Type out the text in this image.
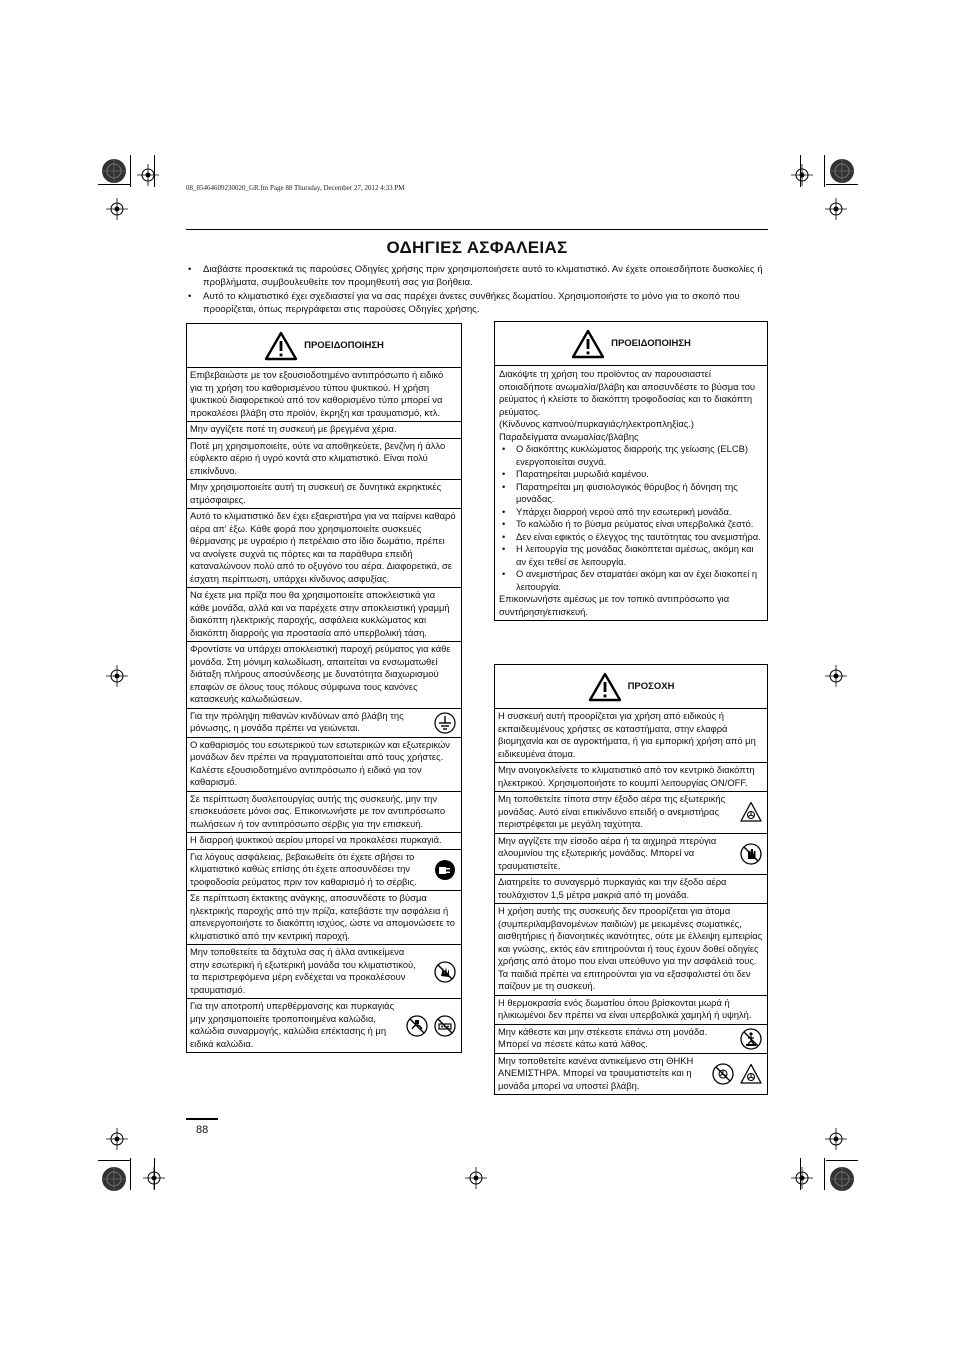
08_85464609230020_GR.fm Page 88 Thursday, December 27, 2012 4:33 PM
ΟΔΗΓΙΕΣ ΑΣΦΑΛΕΙΑΣ
• Διαβάστε προσεκτικά τις παρούσες Οδηγίες χρήσης πριν χρησιμοποιήσετε αυτό το κλιματιστικό. Αν έχετε οποιεσδήποτε δυσκολίες ή προβλήματα, συμβουλευθείτε τον προμηθευτή σας για βοήθεια.
• Αυτό το κλιματιστικό έχει σχεδιαστεί για να σας παρέχει άνετες συνθήκες δωματίου. Χρησιμοποιήστε το μόνο για το σκοπό που προορίζεται, όπως περιγράφεται στις παρούσες Οδηγίες χρήσης.
ΠΡΟΕΙΔΟΠΟΙΗΣΗ
Επιβεβαιώστε με τον εξουσιοδοτημένο αντιπρόσωπο ή ειδικό για τη χρήση του καθορισμένου τύπου ψυκτικού. Η χρήση ψυκτικού διαφορετικού από τον καθορισμένο τύπο μπορεί να προκαλέσει βλάβη στο προϊόν, έκρηξη και τραυματισμό, κτλ.
Μην αγγίζετε ποτέ τη συσκευή με βρεγμένα χέρια.
Ποτέ μη χρησιμοποιείτε, ούτε να αποθηκεύετε, βενζίνη ή άλλο εύφλεκτο αέριο ή υγρό κοντά στο κλιματιστικό. Είναι πολύ επικίνδυνο.
Μην χρησιμοποιείτε αυτή τη συσκευή σε δυνητικά εκρηκτικές ατμόσφαιρες.
Αυτό το κλιματιστικό δεν έχει εξαεριστήρα για να παίρνει καθαρό αέρα απ' έξω. Κάθε φορά που χρησιμοποιείτε συσκευές θέρμανσης με υγραέριο ή πετρέλαιο στο ίδιο δωμάτιο, πρέπει να ανοίγετε συχνά τις πόρτες και τα παράθυρα επειδή καταναλώνουν πολύ από το οξυγόνο του αέρα. Διαφορετικά, σε έσχατη περίπτωση, υπάρχει κίνδυνος ασφυξίας.
Να έχετε μια πρίζα που θα χρησιμοποιείτε αποκλειστικά για κάθε μονάδα, αλλά και να παρέχετε στην αποκλειστική γραμμή διακόπτη ηλεκτρικής παροχής, ασφάλεια κυκλώματος και διακόπτη διαρροής για προστασία από υπερβολική τάση.
Φροντίστε να υπάρχει αποκλειστική παροχή ρεύματος για κάθε μονάδα. Στη μόνιμη καλωδίωση, απαιτείται να ενσωματωθεί διάταξη πλήρους αποσύνδεσης με δυνατότητα διαχωρισμού επαφών σε όλους τους πόλους σύμφωνα τους κανόνες κατασκευής καλωδιώσεων.
Για την πρόληψη πιθανών κινδύνων από βλάβη της μόνωσης, η μονάδα πρέπει να γειώνεται.
Ο καθαρισμός του εσωτερικού των εσωτερικών και εξωτερικών μονάδων δεν πρέπει να πραγματοποιείται από τους χρήστες. Καλέστε εξουσιοδοτημένο αντιπρόσωπο ή ειδικό για τον καθαρισμό.
Σε περίπτωση δυσλειτουργίας αυτής της συσκευής, μην την επισκευάσετε μόνοι σας. Επικοινωνήστε με τον αντιπρόσωπο πωλήσεων ή τον αντιπρόσωπο σέρβις για την επισκευή.
Η διαρροή ψυκτικού αερίου μπορεί να προκαλέσει πυρκαγιά.
Για λόγους ασφάλειας, βεβαιωθείτε ότι έχετε σβήσει το κλιματιστικό καθώς επίσης ότι έχετε αποσυνδέσει την τροφοδοσία ρεύματος πριν τον καθαρισμό ή το σέρβις.
Σε περίπτωση έκτακτης ανάγκης, αποσυνδέστε το βύσμα ηλεκτρικής παροχής από την πρίζα, κατεβάστε την ασφάλεια ή απενεργοποιήστε το διακόπτη ισχύος, ώστε να απομονώσετε το κλιματιστικό από την κεντρική παροχή.
Μην τοποθετείτε τα δάχτυλα σας ή άλλα αντικείμενα στην εσωτερική ή εξωτερική μονάδα του κλιματιστικού, τα περιστρεφόμενα μέρη ενδέχεται να προκαλέσουν τραυματισμό.
Για την αποτροπή υπερθέρμανσης και πυρκαγιάς μην χρησιμοποιείτε τροποποιημένα καλώδια, καλώδια συναρμογής, καλώδια επέκτασης ή μη ειδικά καλώδια.
ΠΡΟΕΙΔΟΠΟΙΗΣΗ
Διακόψτε τη χρήση του προϊόντος αν παρουσιαστεί οποιαδήποτε ανωμαλία/βλάβη και αποσυνδέστε το βύσμα του ρεύματος ή κλείστε το διακόπτη τροφοδοσίας και το διακόπτη ρεύματος.
(Κίνδυνος καπνού/πυρκαγιάς/ηλεκτροπληξίας.)
Παραδείγματα ανωμαλίας/βλάβης
• Ο διακόπτης κυκλώματος διαρροής της γείωσης (ELCB) ενεργοποιείται συχνά.
• Παρατηρείται μυρωδιά καμένου.
• Παρατηρείται μη φυσιολογικός θόρυβος ή δόνηση της μονάδας.
• Υπάρχει διαρροή νερού από την εσωτερική μονάδα.
• Το καλώδιο ή το βύσμα ρεύματος είναι υπερβολικά ζεστό.
• Δεν είναι εφικτός ο έλεγχος της ταυτότητας του ανεμιστήρα.
• Η λειτουργία της μονάδας διακόπτεται αμέσως, ακόμη και αν έχει τεθεί σε λειτουργία.
• Ο ανεμιστήρας δεν σταματάει ακόμη και αν έχει διακοπεί η λειτουργία.
Επικοινωνήστε αμέσως με τον τοπικό αντιπρόσωπο για συντήρηση/επισκευή.
ΠΡΟΣΟΧΗ
Η συσκευή αυτή προορίζεται για χρήση από ειδικούς ή εκπαιδευμένους χρήστες σε καταστήματα, στην ελαφρά βιομηχανία και σε αγροκτήματα, ή για εμπορική χρήση από μη ειδικευμένα άτομα.
Μην ανοιγοκλείνετε το κλιματιστικό από τον κεντρικό διακόπτη ηλεκτρικού. Χρησιμοποιήστε το κουμπί λειτουργίας ON/OFF.
Μη τοποθετείτε τίποτα στην έξοδο αέρα της εξωτερικής μονάδας. Αυτό είναι επικίνδυνο επειδή ο ανεμιστήρας περιστρέφεται με μεγάλη ταχύτητα.
Μην αγγίζετε την είσοδο αέρα ή τα αιχμηρά πτερύγια αλουμινίου της εξωτερικής μονάδας. Μπορεί να τραυματιστείτε.
Διατηρείτε το συναγερμό πυρκαγιάς και την έξοδο αέρα τουλάχιστον 1,5 μέτρα μακριά από τη μονάδα.
Η χρήση αυτής της συσκευής δεν προορίζεται για άτομα (συμπεριλαμβανομένων παιδιών) με μειωμένες σωματικές, αισθητήριες ή διανοητικές ικανότητες, ούτε με έλλειψη εμπειρίας και γνώσης, εκτός εάν επιτηρούνται ή τους έχουν δοθεί οδηγίες χρήσης από άτομο που είναι υπεύθυνο για την ασφάλειά τους. Τα παιδιά πρέπει να επιτηρούνται για να εξασφαλιστεί ότι δεν παίζουν με τη συσκευή.
Η θερμοκρασία ενός δωματίου όπου βρίσκονται μωρά ή ηλικιωμένοι δεν πρέπει να είναι υπερβολικά χαμηλή ή υψηλή.
Μην κάθεστε και μην στέκεστε επάνω στη μονάδα. Μπορεί να πέσετε κάτω κατά λάθος.
Μην τοποθετείτε κανένα αντικείμενο στη ΘΗΚΗ ΑΝΕΜΙΣΤΗΡΑ. Μπορεί να τραυματιστείτε και η μονάδα μπορεί να υποστεί βλάβη.
88
